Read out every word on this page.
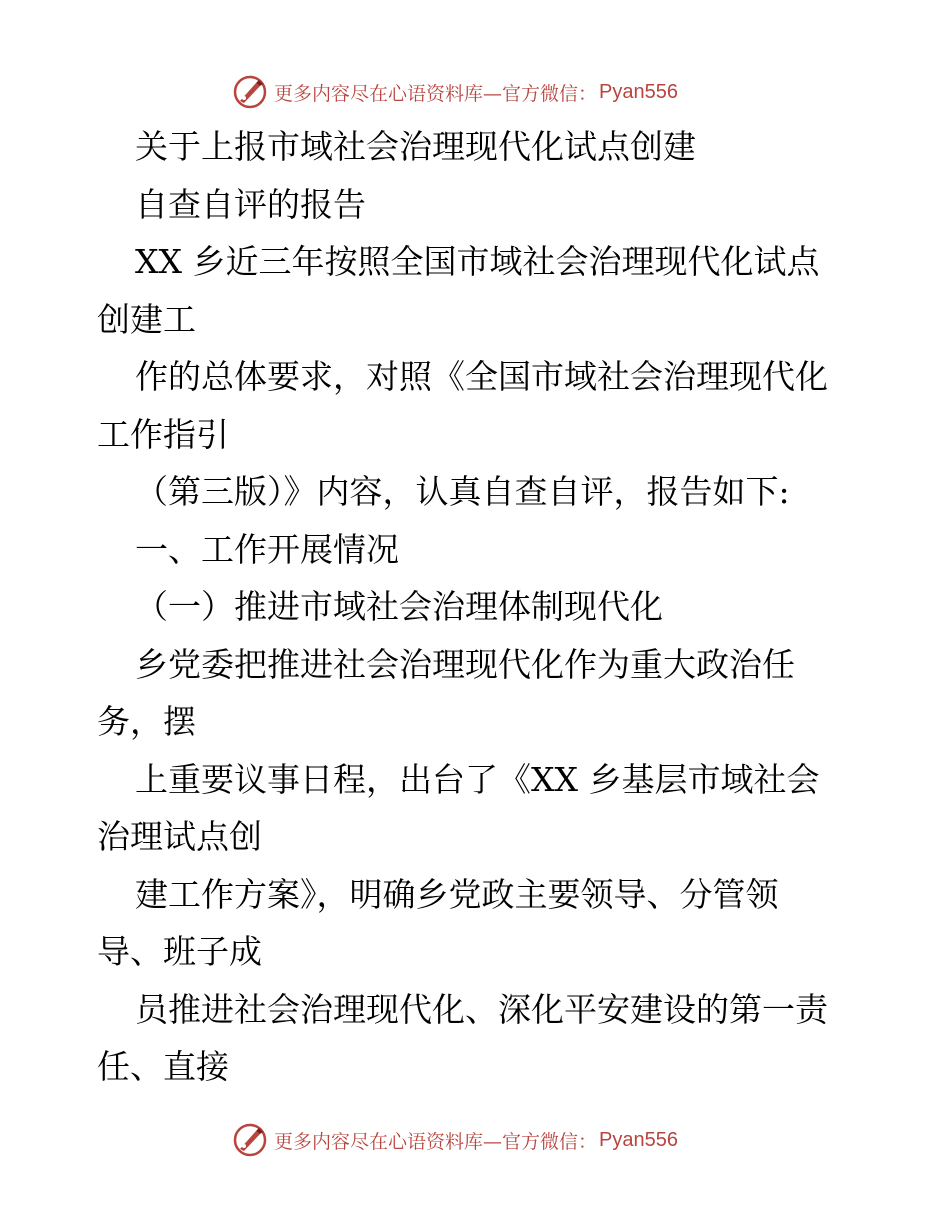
更多内容尽在心语资料库 —官方微信： Pyan556
关于上报市域社会治理现代化试点创建
自查自评的报告
XX 乡近三年按照全国市域社会治理现代化试点
创建工
作的总体要求，对照《全国市域社会治理现代化
工作指引
（第三版）》内容，认真自查自评，报告如下:
一、工作开展情况
（一）推进市域社会治理体制现代化
乡党委把推进社会治理现代化作为重大政治任
务，摆
上重要议事日程，出台了《XX 乡基层市域社会
治理试点创
建工作方案》，明确乡党政主要领导、分管领
导、班子成
员推进社会治理现代化、深化平安建设的第一责
任、直接
更多内容尽在心语资料库 —官方微信： Pyan556
